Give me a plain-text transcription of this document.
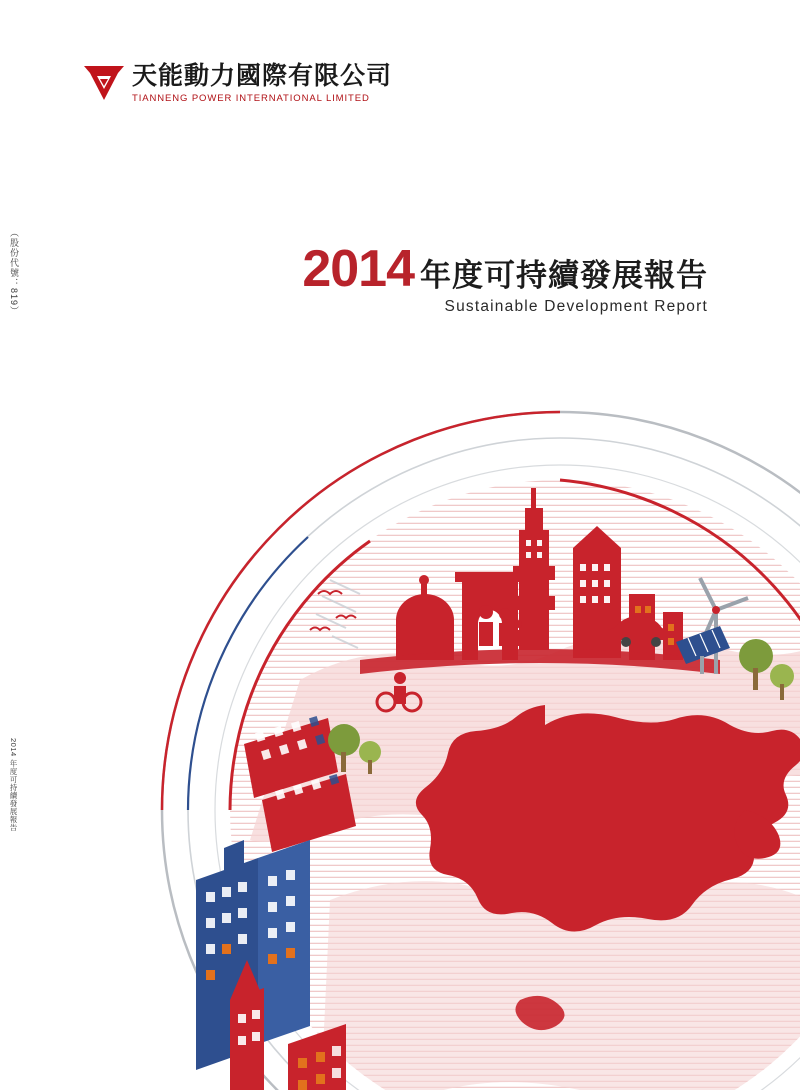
天能動力國際有限公司
TIANNENG POWER INTERNATIONAL LIMITED
2014 年度可持續發展報告
Sustainable Development Report
（股份代號：819）
2014 年度可持續發展報告
